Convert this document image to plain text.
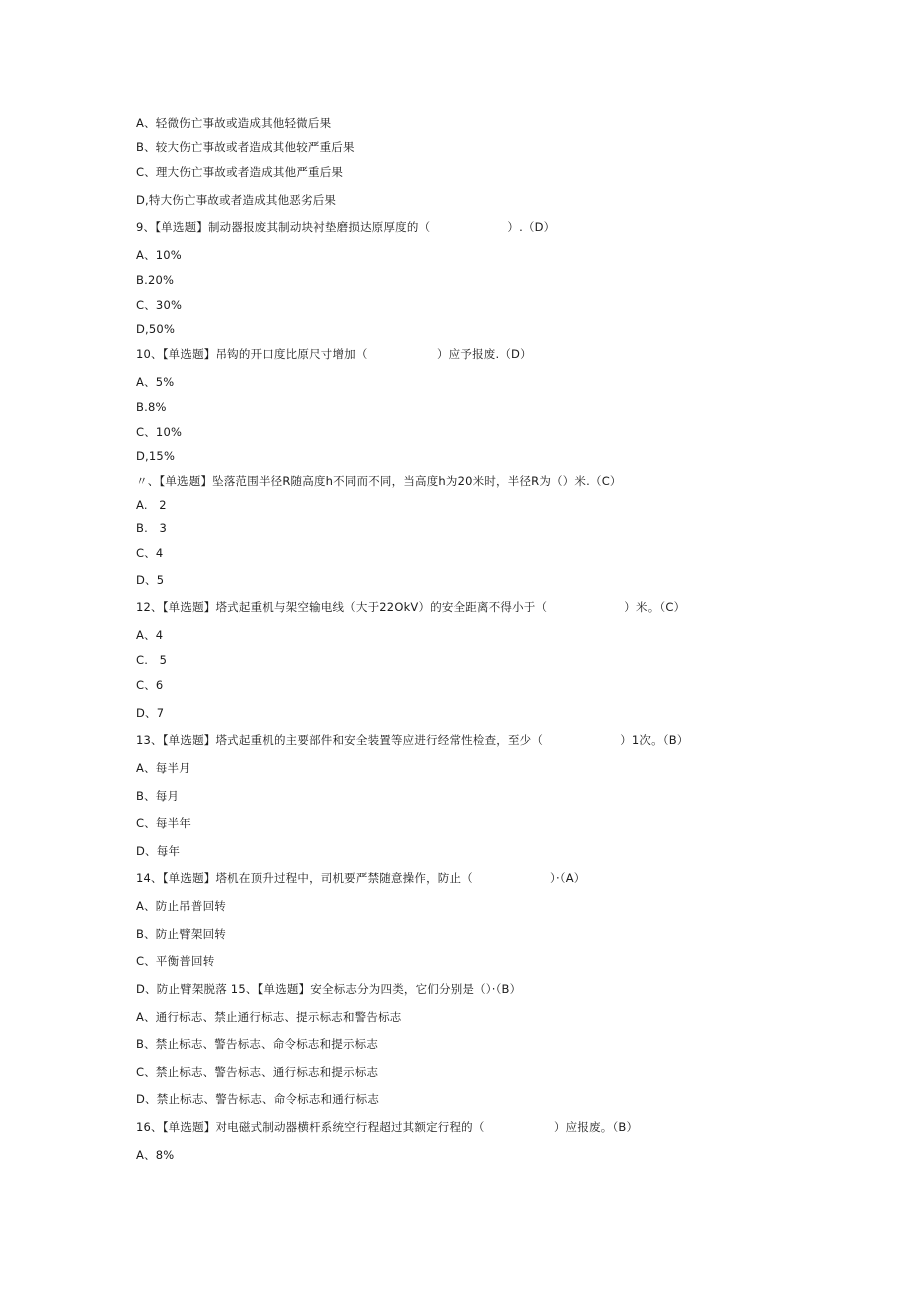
A、轻微伤亡事故或造成其他轻微后果
B、较大伤亡事故或者造成其他较严重后果
C、理大伤亡事故或者造成其他严重后果
D,特大伤亡事故或者造成其他恶劣后果
9、【单选题】制动器报废其制动块衬垫磨损达原厚度的（                    ）.（D）
A、10%
B.20%
C、30%
D,50%
10、【单选题】吊钩的开口度比原尺寸增加（                  ）应予报废.（D）
A、5%
B.8%
C、10%
D,15%
〃、【单选题】坠落范围半径R随高度h不同而不同，当高度h为20米时，半径R为（）米.（C）
A.   2
B.   3
C、4
D、5
12、【单选题】塔式起重机与架空输电线（大于22OkV）的安全距离不得小于（                    ）米。（C）
A、4
C.   5
C、6
D、7
13、【单选题】塔式起重机的主要部件和安全装置等应进行经常性检查，至少（                    ）1次。（B）
A、每半月
B、每月
C、每半年
D、每年
14、【单选题】塔机在顶升过程中，司机要严禁随意操作，防止（                    ）·（A）
A、防止吊普回转
B、防止臂架回转
C、平衡普回转
D、防止臂架脱落 15、【单选题】安全标志分为四类，它们分别是（）·（B）
A、通行标志、禁止通行标志、提示标志和警告标志
B、禁止标志、警告标志、命令标志和提示标志
C、禁止标志、警告标志、通行标志和提示标志
D、禁止标志、警告标志、命令标志和通行标志
16、【单选题】对电磁式制动器横杆系统空行程超过其额定行程的（                  ）应报废。（B）
A、8%
